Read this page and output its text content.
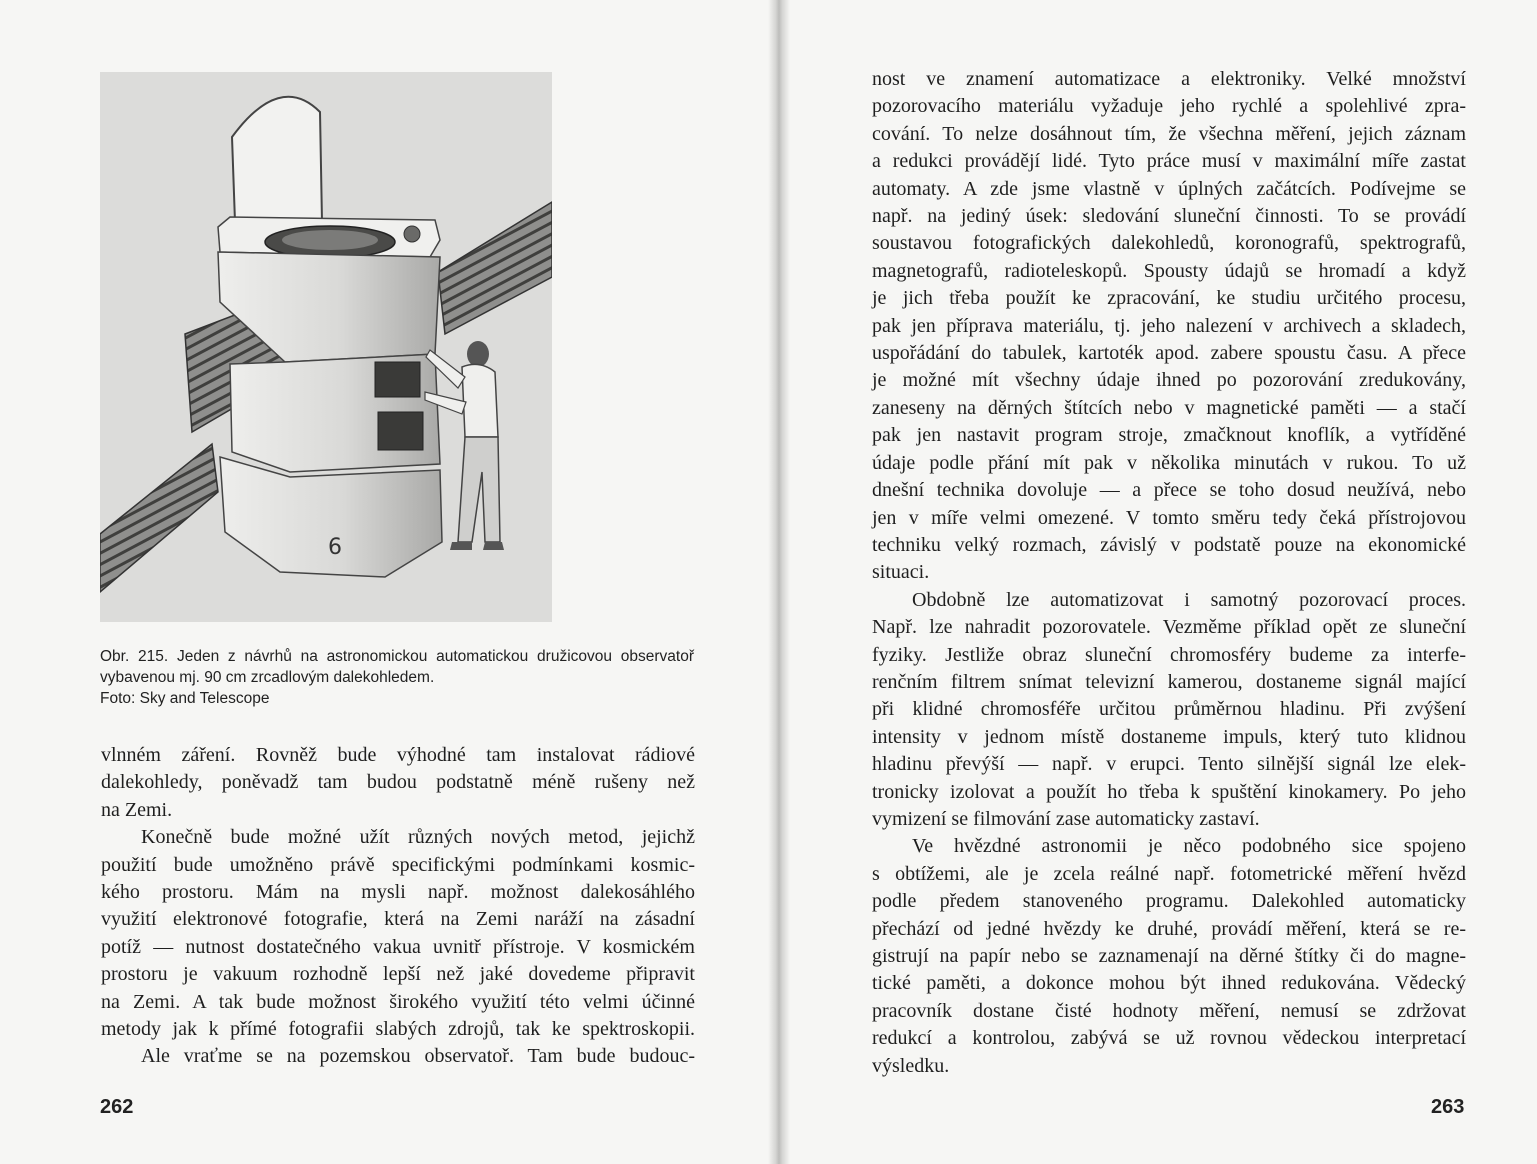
6

Obr. 215. Jeden z návrhů na astronomickou automatickou družicovou observatoř vybavenou mj. 90 cm zrcadlovým dalekohledem.

Foto: Sky and Telescope

vlnném záření. Rovněž bude výhodné tam instalovat rádiové
dalekohledy, poněvadž tam budou podstatně méně rušeny než
na Zemi.
Konečně bude možné užít různých nových metod, jejichž
použití bude umožněno právě specifickými podmínkami kosmic-
kého prostoru. Mám na mysli např. možnost dalekosáhlého
využití elektronové fotografie, která na Zemi naráží na zásadní
potíž — nutnost dostatečného vakua uvnitř přístroje. V kosmickém
prostoru je vakuum rozhodně lepší než jaké dovedeme připravit
na Zemi. A tak bude možnost širokého využití této velmi účinné
metody jak k přímé fotografii slabých zdrojů, tak ke spektroskopii.
Ale vraťme se na pozemskou observatoř. Tam bude budouc-
262
nost ve znamení automatizace a elektroniky. Velké množství
pozorovacího materiálu vyžaduje jeho rychlé a spolehlivé zpra-
cování. To nelze dosáhnout tím, že všechna měření, jejich záznam
a redukci provádějí lidé. Tyto práce musí v maximální míře zastat
automaty. A zde jsme vlastně v úplných začátcích. Podívejme se
např. na jediný úsek: sledování sluneční činnosti. To se provádí
soustavou fotografických dalekohledů, koronografů, spektrografů,
magnetografů, radioteleskopů. Spousty údajů se hromadí a když
je jich třeba použít ke zpracování, ke studiu určitého procesu,
pak jen příprava materiálu, tj. jeho nalezení v archivech a skladech,
uspořádání do tabulek, kartoték apod. zabere spoustu času. A přece
je možné mít všechny údaje ihned po pozorování zredukovány,
zaneseny na děrných štítcích nebo v magnetické paměti — a stačí
pak jen nastavit program stroje, zmačknout knoflík, a vytříděné
údaje podle přání mít pak v několika minutách v rukou. To už
dnešní technika dovoluje — a přece se toho dosud neužívá, nebo
jen v míře velmi omezené. V tomto směru tedy čeká přístrojovou
techniku velký rozmach, závislý v podstatě pouze na ekonomické
situaci.
Obdobně lze automatizovat i samotný pozorovací proces.
Např. lze nahradit pozorovatele. Vezměme příklad opět ze sluneční
fyziky. Jestliže obraz sluneční chromosféry budeme za interfe-
renčním filtrem snímat televizní kamerou, dostaneme signál mající
při klidné chromosféře určitou průměrnou hladinu. Při zvýšení
intensity v jednom místě dostaneme impuls, který tuto klidnou
hladinu převýší — např. v erupci. Tento silnější signál lze elek-
tronicky izolovat a použít ho třeba k spuštění kinokamery. Po jeho
vymizení se filmování zase automaticky zastaví.
Ve hvězdné astronomii je něco podobného sice spojeno
s obtížemi, ale je zcela reálné např. fotometrické měření hvězd
podle předem stanoveného programu. Dalekohled automaticky
přechází od jedné hvězdy ke druhé, provádí měření, která se re-
gistrují na papír nebo se zaznamenají na děrné štítky či do magne-
tické paměti, a dokonce mohou být ihned redukována. Vědecký
pracovník dostane čisté hodnoty měření, nemusí se zdržovat
redukcí a kontrolou, zabývá se už rovnou vědeckou interpretací
výsledku.
263
